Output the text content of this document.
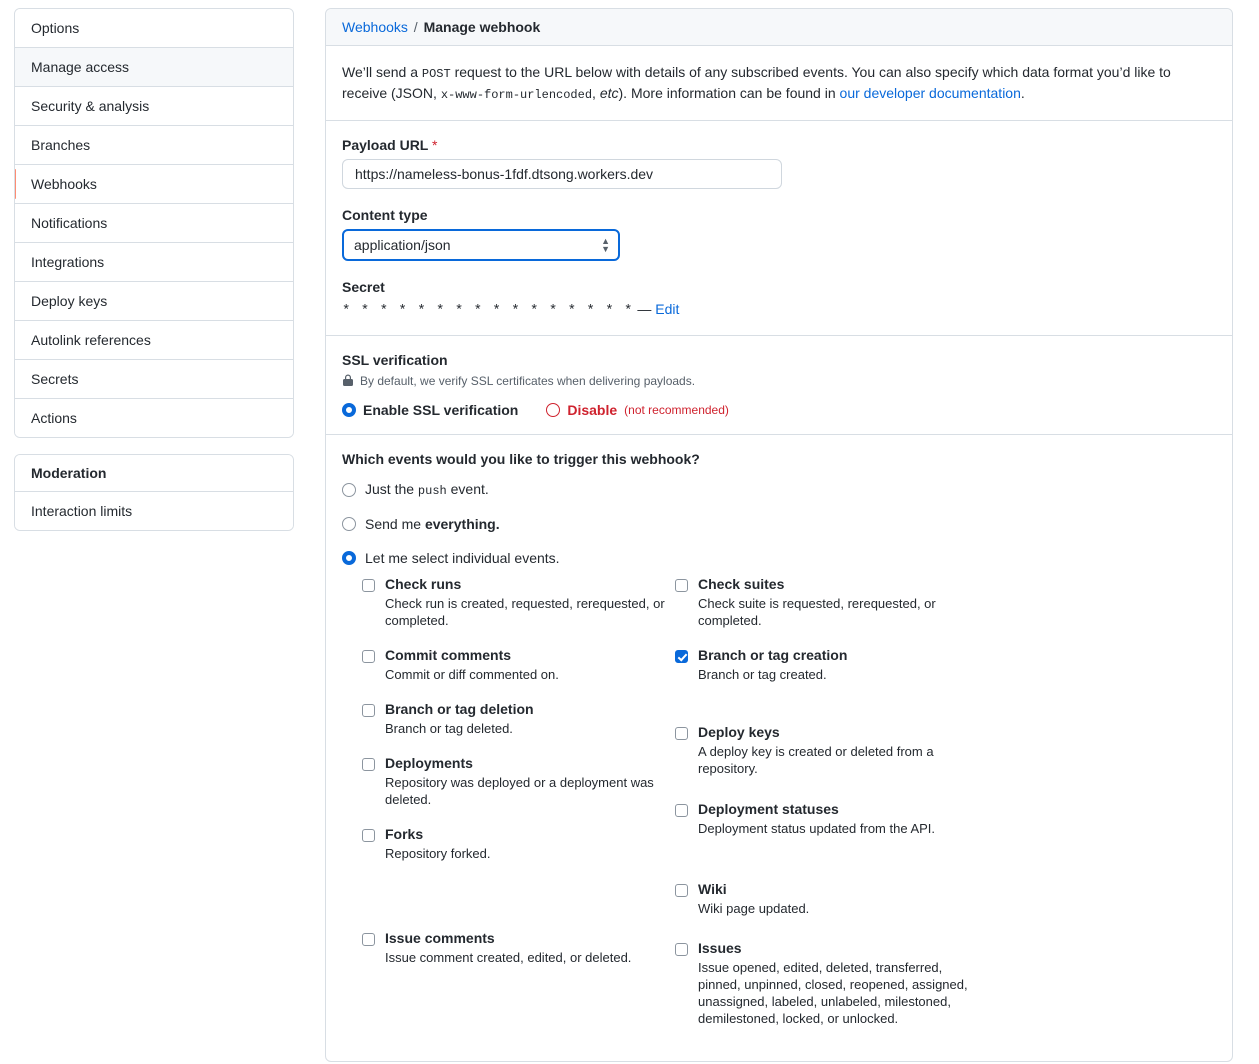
Options
Manage access
Security & analysis
Branches
Webhooks
Notifications
Integrations
Deploy keys
Autolink references
Secrets
Actions
Moderation
Interaction limits
Webhooks / Manage webhook

We’ll send a POST request to the URL below with details of any subscribed events. You can also specify which data format you’d like to receive (JSON, x-www-form-urlencoded, etc). More information can be found in our developer documentation.

Payload URL *
https://nameless-bonus-1fdf.dtsong.workers.dev
Content type
application/json
▲
▼
Secret
* * * * * * * * * * * * * * * * — Edit
SSL verification
By default, we verify SSL certificates when delivering payloads.
Enable SSL verification	Disable (not recommended)
Which events would you like to trigger this webhook?
Just the push event.
Send me everything.
Let me select individual events.
Check runs
Check run is created, requested, rerequested, or completed.
Commit comments
Commit or diff commented on.
Branch or tag deletion
Branch or tag deleted.
Deployments
Repository was deployed or a deployment was deleted.
Forks
Repository forked.
Issue comments
Issue comment created, edited, or deleted.
Check suites
Check suite is requested, rerequested, or completed.
Branch or tag creation
Branch or tag created.
Deploy keys
A deploy key is created or deleted from a repository.
Deployment statuses
Deployment status updated from the API.
Wiki
Wiki page updated.
Issues
Issue opened, edited, deleted, transferred, pinned, unpinned, closed, reopened, assigned, unassigned, labeled, unlabeled, milestoned, demilestoned, locked, or unlocked.
